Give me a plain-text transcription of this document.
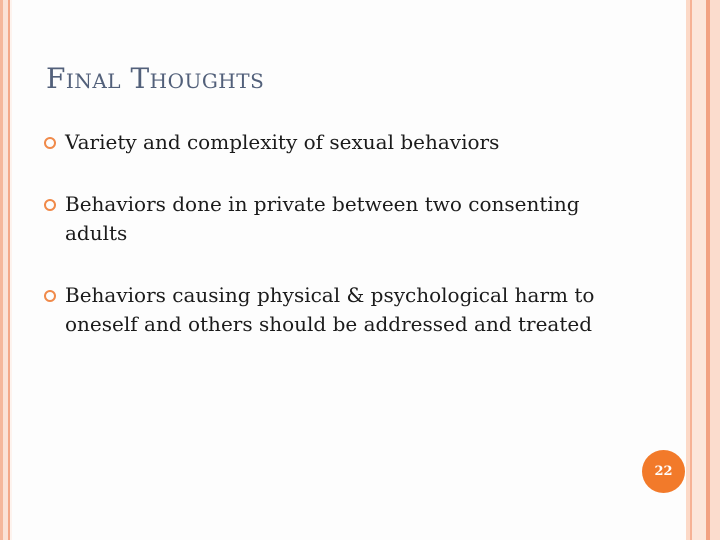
Final Thoughts
Variety and complexity of sexual behaviors
Behaviors done in private between two consenting adults
Behaviors causing physical & psychological harm to oneself and others should be addressed and treated
22
